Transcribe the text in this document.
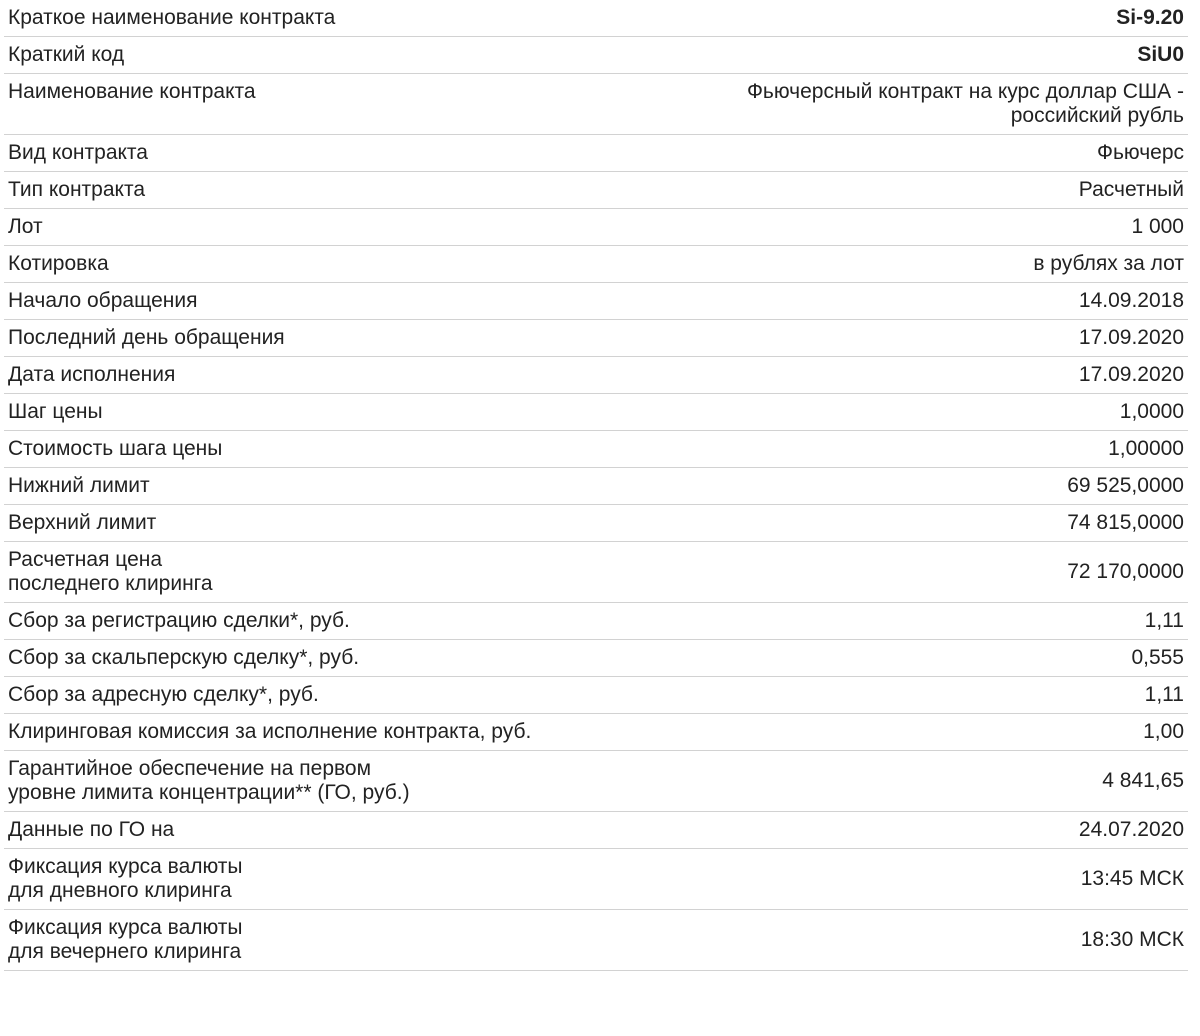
Краткое наименование контракта	Si-9.20

Краткий код	SiU0

Наименование контракта	Фьючерсный контракт на курс доллар США -
российский рубль

Вид контракта	Фьючерс

Тип контракта	Расчетный

Лот	1 000

Котировка	в рублях за лот

Начало обращения	14.09.2018

Последний день обращения	17.09.2020

Дата исполнения	17.09.2020

Шаг цены	1,0000

Стоимость шага цены	1,00000

Нижний лимит	69 525,0000

Верхний лимит	74 815,0000

Расчетная цена
последнего клиринга	72 170,0000

Сбор за регистрацию сделки*, руб.	1,11

Сбор за скальперскую сделку*, руб.	0,555

Сбор за адресную сделку*, руб.	1,11

Клиринговая комиссия за исполнение контракта, руб.	1,00

Гарантийное обеспечение на первом
уровне лимита концентрации** (ГО, руб.)	4 841,65

Данные по ГО на	24.07.2020

Фиксация курса валюты
для дневного клиринга	13:45 МСК

Фиксация курса валюты
для вечернего клиринга	18:30 МСК
